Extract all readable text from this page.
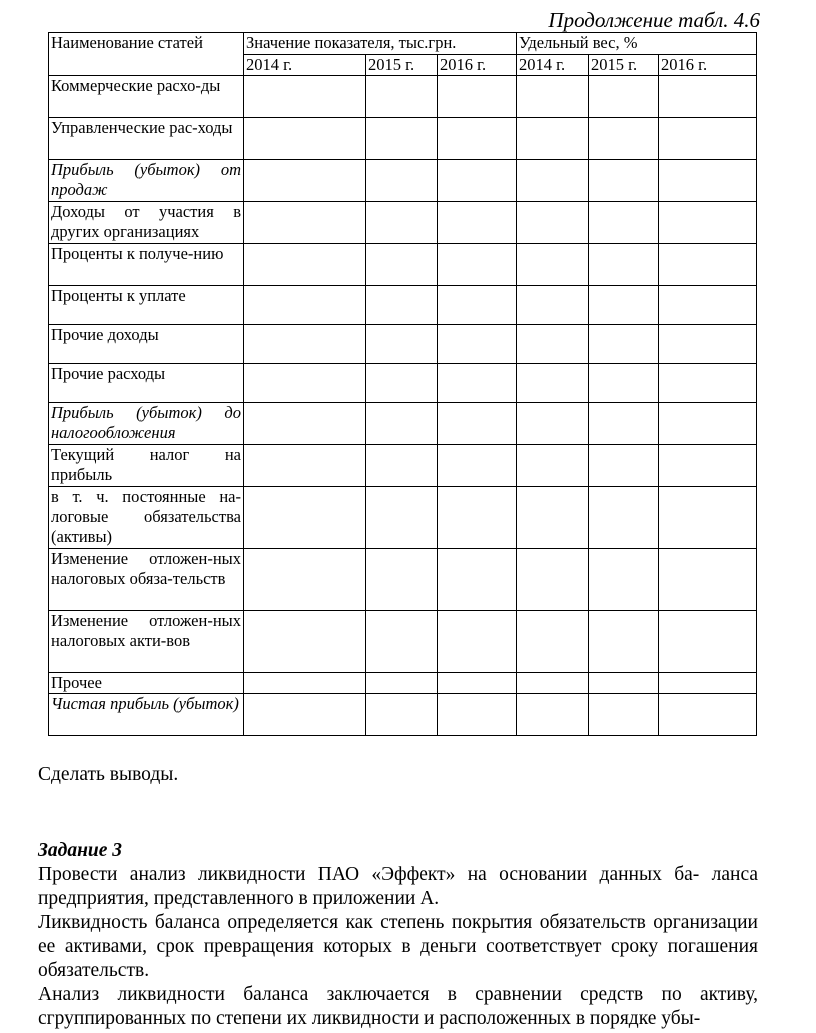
Продолжение табл. 4.6
Наименование статей	Значение показателя, тыс.грн.			Удельный вес, %		
	2014 г.	2015 г.	2016 г.	2014 г.	2015 г.	2016 г.
Коммерческие расхо-ды						
Управленческие рас-ходы						
Прибыль (убыток) от продаж						
Доходы от участия в других организациях						
Проценты к получе-нию						
Проценты к уплате						
Прочие доходы						
Прочие расходы						
Прибыль (убыток) до налогообложения						
Текущий налог на прибыль						
в т. ч. постоянные на-логовые обязательства (активы)						
Изменение отложен-ных налоговых обяза-тельств						
Изменение отложен-ных налоговых акти-вов						
Прочее						
Чистая прибыль (убыток)						
Сделать выводы.
Задание 3
Провести анализ ликвидности ПАО «Эффект» на основании данных ба- ланса предприятия, представленного в приложении А.
Ликвидность баланса определяется как степень покрытия обязательств организации ее активами, срок превращения которых в деньги соответствует сроку погашения обязательств.
Анализ ликвидности баланса заключается в сравнении средств по активу, сгруппированных по степени их ликвидности и расположенных в порядке убы-
